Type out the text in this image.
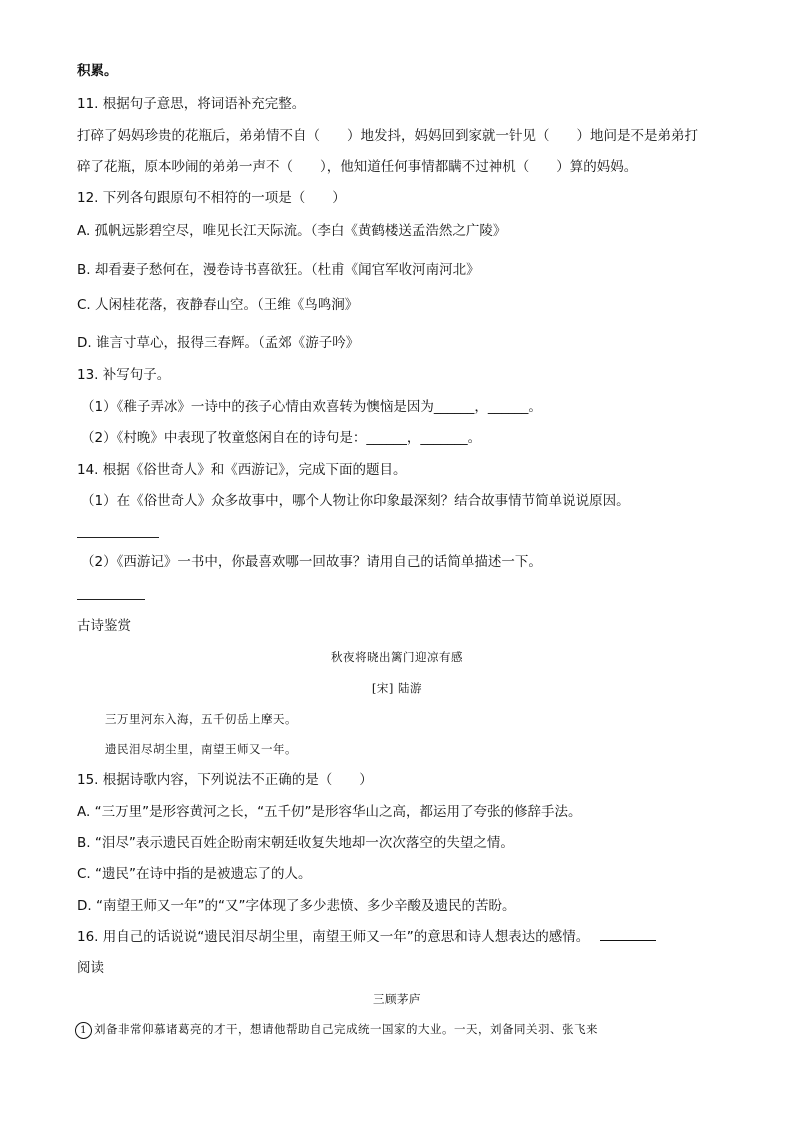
积累。
11. 根据句子意思，将词语补充完整。
打碎了妈妈珍贵的花瓶后，弟弟情不自（　　）地发抖，妈妈回到家就一针见（　　）地问是不是弟弟打
碎了花瓶，原本吵闹的弟弟一声不（　　），他知道任何事情都瞒不过神机（　　）算的妈妈。
12. 下列各句跟原句不相符的一项是（　　）
A. 孤帆远影碧空尽，唯见长江天际流。（李白《黄鹤楼送孟浩然之广陵》
B. 却看妻子愁何在，漫卷诗书喜欲狂。（杜甫《闻官军收河南河北》
C. 人闲桂花落，夜静春山空。（王维《鸟鸣涧》
D. 谁言寸草心，报得三春辉。（孟郊《游子吟》
13. 补写句子。
（1）《稚子弄冰》一诗中的孩子心情由欢喜转为懊恼是因为______，______。
（2）《村晚》中表现了牧童悠闲自在的诗句是：______，_______。
14. 根据《俗世奇人》和《西游记》，完成下面的题目。
（1）在《俗世奇人》众多故事中，哪个人物让你印象最深刻？结合故事情节简单说说原因。
（2）《西游记》一书中，你最喜欢哪一回故事？请用自己的话简单描述一下。
古诗鉴赏
秋夜将晓出篱门迎凉有感
[宋] 陆游
三万里河东入海，五千仞岳上摩天。
遗民泪尽胡尘里，南望王师又一年。
15. 根据诗歌内容，下列说法不正确的是（　　）
A. “三万里”是形容黄河之长，“五千仞”是形容华山之高，都运用了夸张的修辞手法。
B. “泪尽”表示遗民百姓企盼南宋朝廷收复失地却一次次落空的失望之情。
C. “遗民”在诗中指的是被遗忘了的人。
D. “南望王师又一年”的“又”字体现了多少悲愤、多少辛酸及遗民的苦盼。
16. 用自己的话说说“遗民泪尽胡尘里，南望王师又一年”的意思和诗人想表达的感情。
阅读
三顾茅庐
1 刘备非常仰慕诸葛亮的才干，想请他帮助自己完成统一国家的大业。一天，刘备同关羽、张飞来
